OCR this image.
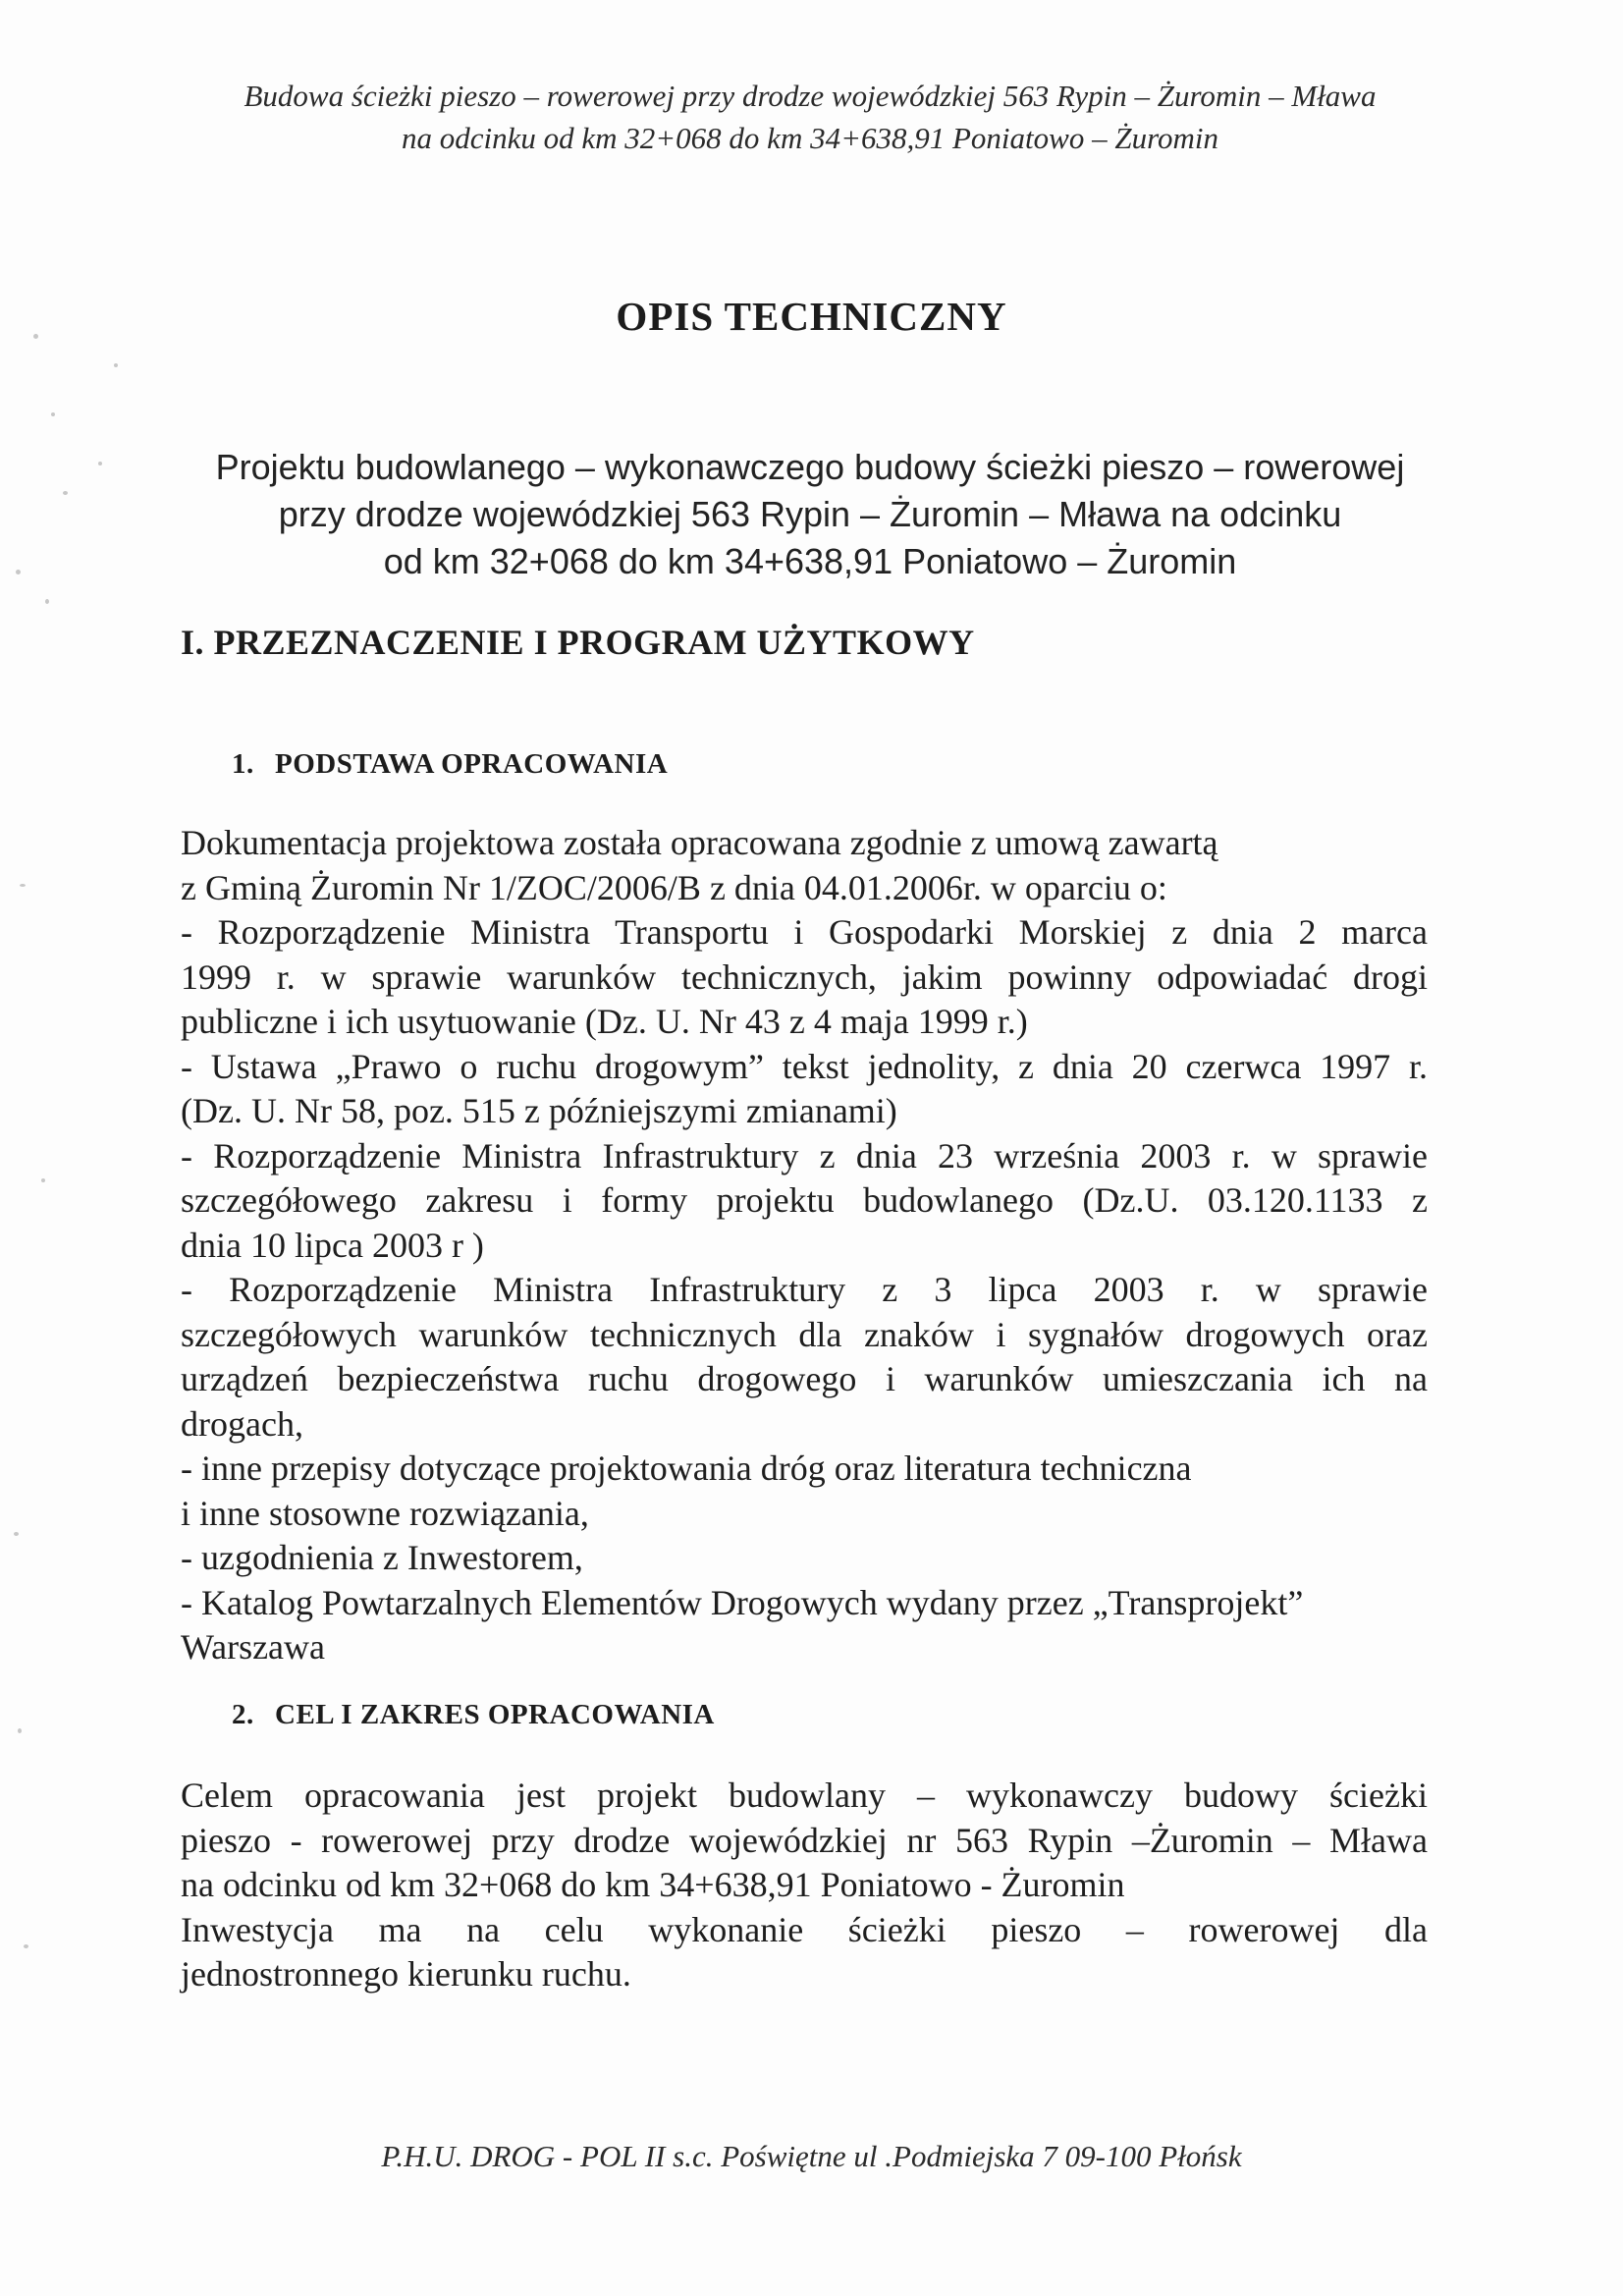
Budowa ścieżki pieszo – rowerowej przy drodze wojewódzkiej 563 Rypin – Żuromin – Mława
na odcinku od km 32+068 do km 34+638,91 Poniatowo – Żuromin
OPIS TECHNICZNY
Projektu budowlanego – wykonawczego budowy ścieżki pieszo – rowerowej
przy drodze wojewódzkiej 563 Rypin – Żuromin – Mława na odcinku
od km 32+068 do km 34+638,91 Poniatowo – Żuromin
I. PRZEZNACZENIE I PROGRAM UŻYTKOWY
1. PODSTAWA OPRACOWANIA
Dokumentacja projektowa została opracowana zgodnie z umową zawartą
z Gminą Żuromin Nr 1/ZOC/2006/B z dnia 04.01.2006r. w oparciu o:
- Rozporządzenie Ministra Transportu i Gospodarki Morskiej z dnia 2 marca
1999 r. w sprawie warunków technicznych, jakim powinny odpowiadać drogi
publiczne i ich usytuowanie (Dz. U. Nr 43 z 4 maja 1999 r.)
- Ustawa „Prawo o ruchu drogowym” tekst jednolity, z dnia 20 czerwca 1997 r.
(Dz. U. Nr 58, poz. 515 z późniejszymi zmianami)
- Rozporządzenie Ministra Infrastruktury z dnia 23 września 2003 r. w sprawie
szczegółowego zakresu i formy projektu budowlanego (Dz.U. 03.120.1133 z
dnia 10 lipca 2003 r )
- Rozporządzenie Ministra Infrastruktury z 3 lipca 2003 r. w sprawie
szczegółowych warunków technicznych dla znaków i sygnałów drogowych oraz
urządzeń bezpieczeństwa ruchu drogowego i warunków umieszczania ich na
drogach,
- inne przepisy dotyczące projektowania dróg oraz literatura techniczna
i inne stosowne rozwiązania,
- uzgodnienia z Inwestorem,
- Katalog Powtarzalnych Elementów Drogowych wydany przez „Transprojekt”
Warszawa
2. CEL I ZAKRES OPRACOWANIA
Celem opracowania jest projekt budowlany – wykonawczy budowy ścieżki
pieszo - rowerowej przy drodze wojewódzkiej nr 563 Rypin –Żuromin – Mława
na odcinku od km 32+068 do km 34+638,91 Poniatowo - Żuromin
Inwestycja ma na celu wykonanie ścieżki pieszo – rowerowej dla
jednostronnego kierunku ruchu.
P.H.U. DROG - POL II s.c. Poświętne ul .Podmiejska 7 09-100 Płońsk
